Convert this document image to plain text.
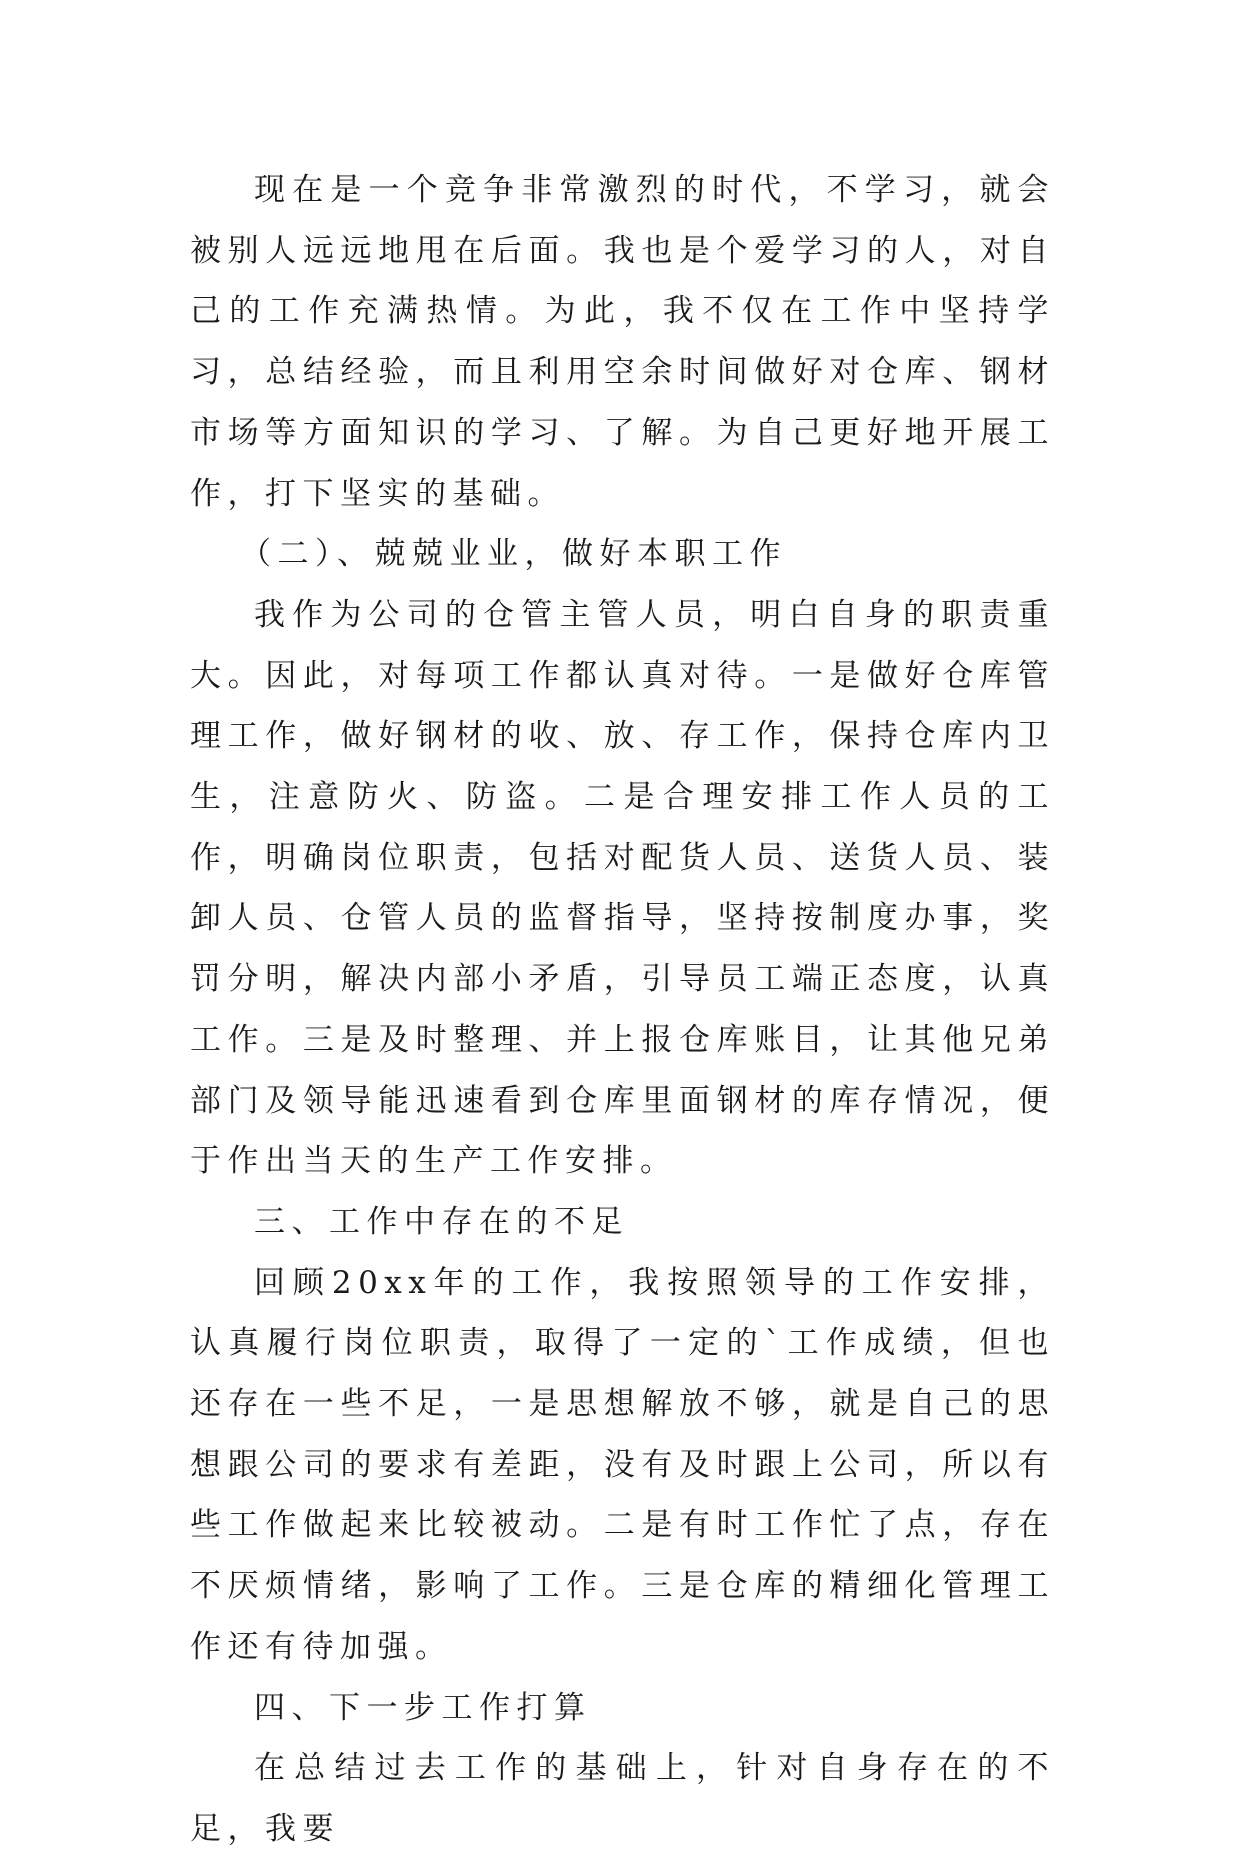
现在是一个竞争非常激烈的时代，不学习，就会被别人远远地甩在后面。我也是个爱学习的人，对自己的工作充满热情。为此，我不仅在工作中坚持学习，总结经验，而且利用空余时间做好对仓库、钢材市场等方面知识的学习、了解。为自己更好地开展工作，打下坚实的基础。

（二）、兢兢业业，做好本职工作

我作为公司的仓管主管人员，明白自身的职责重大。因此，对每项工作都认真对待。一是做好仓库管理工作，做好钢材的收、放、存工作，保持仓库内卫生，注意防火、防盗。二是合理安排工作人员的工作，明确岗位职责，包括对配货人员、送货人员、装卸人员、仓管人员的监督指导，坚持按制度办事，奖罚分明，解决内部小矛盾，引导员工端正态度，认真工作。三是及时整理、并上报仓库账目，让其他兄弟部门及领导能迅速看到仓库里面钢材的库存情况，便于作出当天的生产工作安排。

三、工作中存在的不足

回顾20xx年的工作，我按照领导的工作安排，认真履行岗位职责，取得了一定的`工作成绩，但也还存在一些不足，一是思想解放不够，就是自己的思想跟公司的要求有差距，没有及时跟上公司，所以有些工作做起来比较被动。二是有时工作忙了点，存在不厌烦情绪，影响了工作。三是仓库的精细化管理工作还有待加强。

四、下一步工作打算

在总结过去工作的基础上，针对自身存在的不足，我要
